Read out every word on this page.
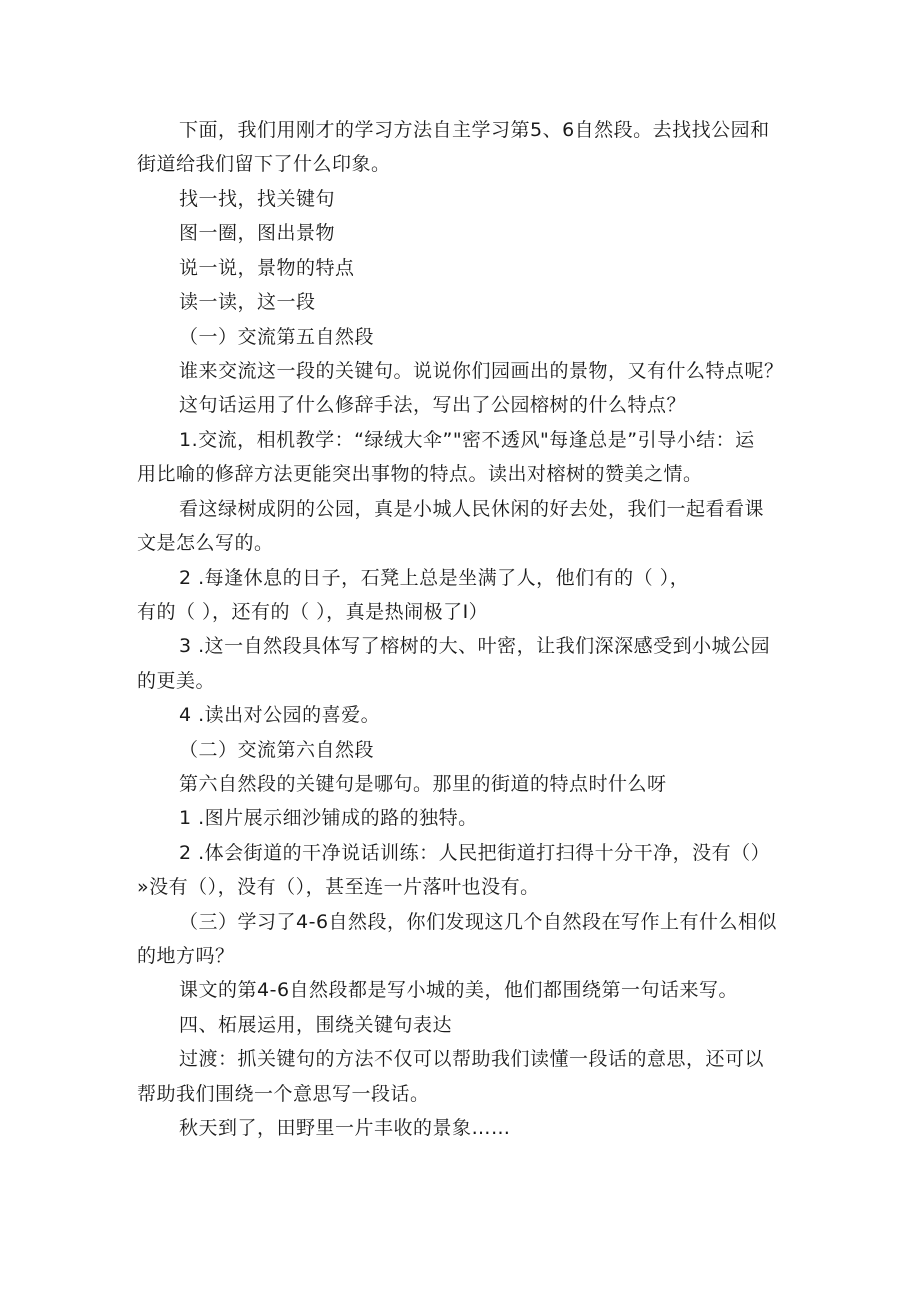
下面，我们用刚才的学习方法自主学习第5、6自然段。去找找公园和
街道给我们留下了什么印象。
找一找，找关键句
图一圈，图出景物
说一说，景物的特点
读一读，这一段
（一）交流第五自然段
谁来交流这一段的关键句。说说你们园画出的景物，又有什么特点呢？
这句话运用了什么修辞手法，写出了公园榕树的什么特点？
1.交流，相机教学：“绿绒大伞”"密不透风"每逢总是”引导小结：运
用比喻的修辞方法更能突出事物的特点。读出对榕树的赞美之情。
看这绿树成阴的公园，真是小城人民休闲的好去处，我们一起看看课
文是怎么写的。
2 .每逢休息的日子，石凳上总是坐满了人，他们有的（ ），
有的（ ），还有的（ ），真是热闹极了I）
3 .这一自然段具体写了榕树的大、叶密，让我们深深感受到小城公园
的更美。
4 .读出对公园的喜爱。
（二）交流第六自然段
第六自然段的关键句是哪句。那里的街道的特点时什么呀
1 .图片展示细沙铺成的路的独特。
2 .体会街道的干净说话训练：人民把街道打扫得十分干净，没有（）
»没有（），没有（），甚至连一片落叶也没有。
（三）学习了4-6自然段，你们发现这几个自然段在写作上有什么相似
的地方吗？
课文的第4-6自然段都是写小城的美，他们都围绕第一句话来写。
四、柘展运用，围绕关键句表达
过渡：抓关键句的方法不仅可以帮助我们读懂一段话的意思，还可以
帮助我们围绕一个意思写一段话。
秋天到了，田野里一片丰收的景象……
